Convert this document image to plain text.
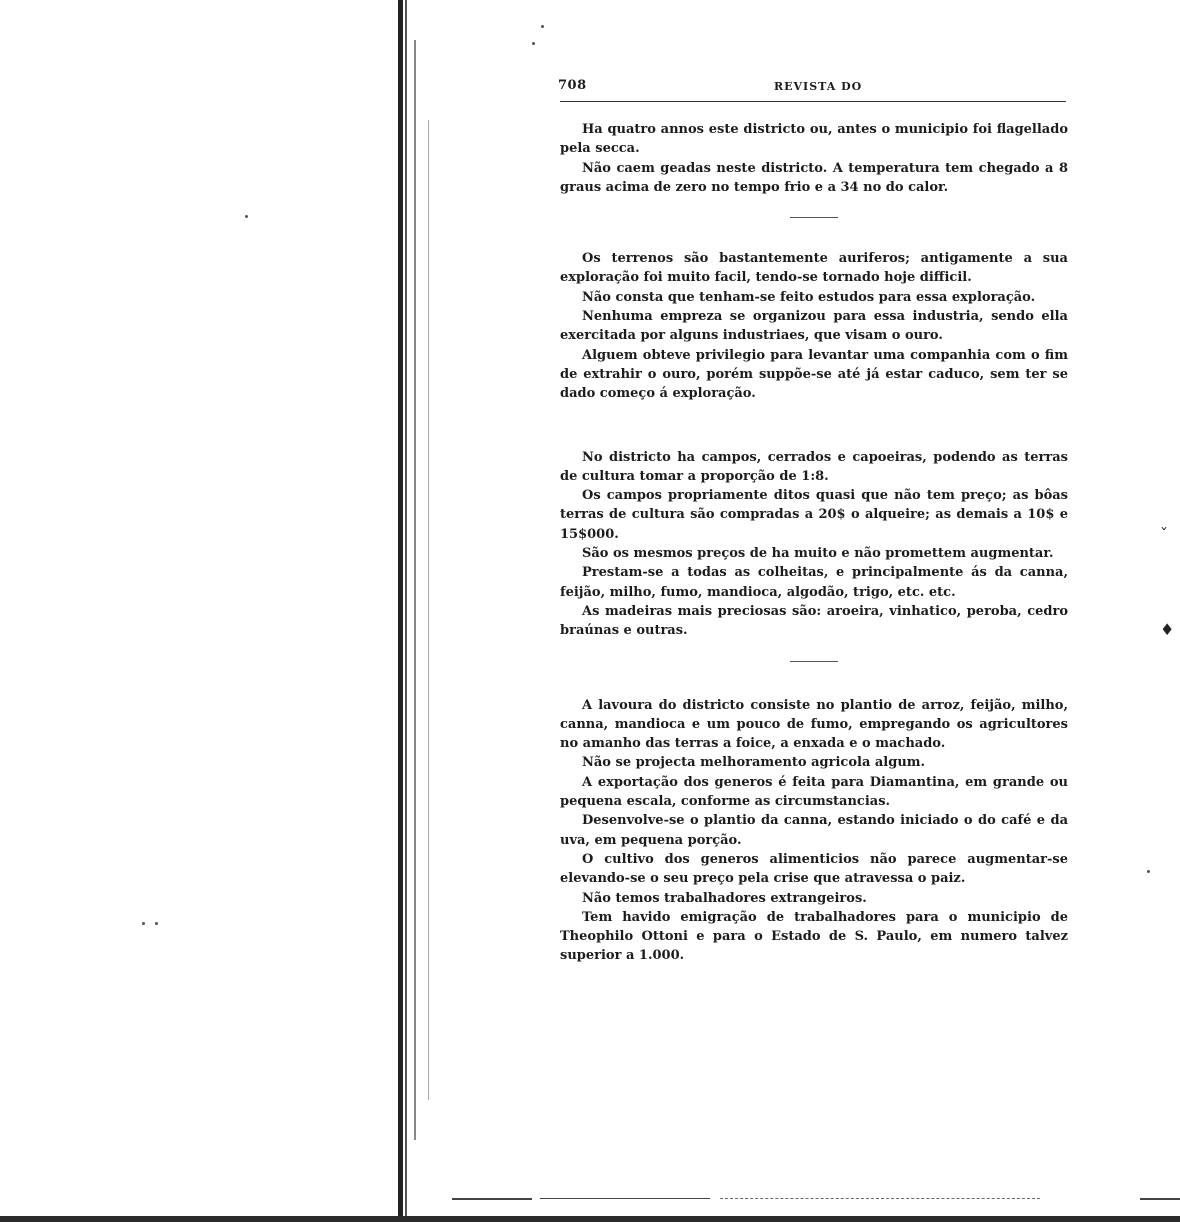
ˇ
♦
708	REVISTA DO

Ha quatro annos este districto ou, antes o municipio foi flagellado pela secca.

Não caem geadas neste districto. A temperatura tem chegado a 8 graus acima de zero no tempo frio e a 34 no do calor.

Os terrenos são bastantemente auriferos; antigamente a sua exploração foi muito facil, tendo-se tornado hoje difficil.

Não consta que tenham-se feito estudos para essa exploração.

Nenhuma empreza se organizou para essa industria, sendo ella exercitada por alguns industriaes, que visam o ouro.

Alguem obteve privilegio para levantar uma companhia com o fim de extrahir o ouro, porém suppõe-se até já estar caduco, sem ter se dado começo á exploração.

No districto ha campos, cerrados e capoeiras, podendo as terras de cultura tomar a proporção de 1:8.

Os campos propriamente ditos quasi que não tem preço; as bôas terras de cultura são compradas a 20$ o alqueire; as demais a 10$ e 15$000.

São os mesmos preços de ha muito e não promettem augmentar.

Prestam-se a todas as colheitas, e principalmente ás da canna, feijão, milho, fumo, mandioca, algodão, trigo, etc. etc.

As madeiras mais preciosas são: aroeira, vinhatico, peroba, cedro braúnas e outras.

A lavoura do districto consiste no plantio de arroz, feijão, milho, canna, mandioca e um pouco de fumo, empregando os agricultores no amanho das terras a foice, a enxada e o machado.

Não se projecta melhoramento agricola algum.

A exportação dos generos é feita para Diamantina, em grande ou pequena escala, conforme as circumstancias.

Desenvolve-se o plantio da canna, estando iniciado o do café e da uva, em pequena porção.

O cultivo dos generos alimenticios não parece augmentar-se elevando-se o seu preço pela crise que atravessa o paiz.

Não temos trabalhadores extrangeiros.

Tem havido emigração de trabalhadores para o municipio de Theophilo Ottoni e para o Estado de S. Paulo, em numero talvez superior a 1.000.
